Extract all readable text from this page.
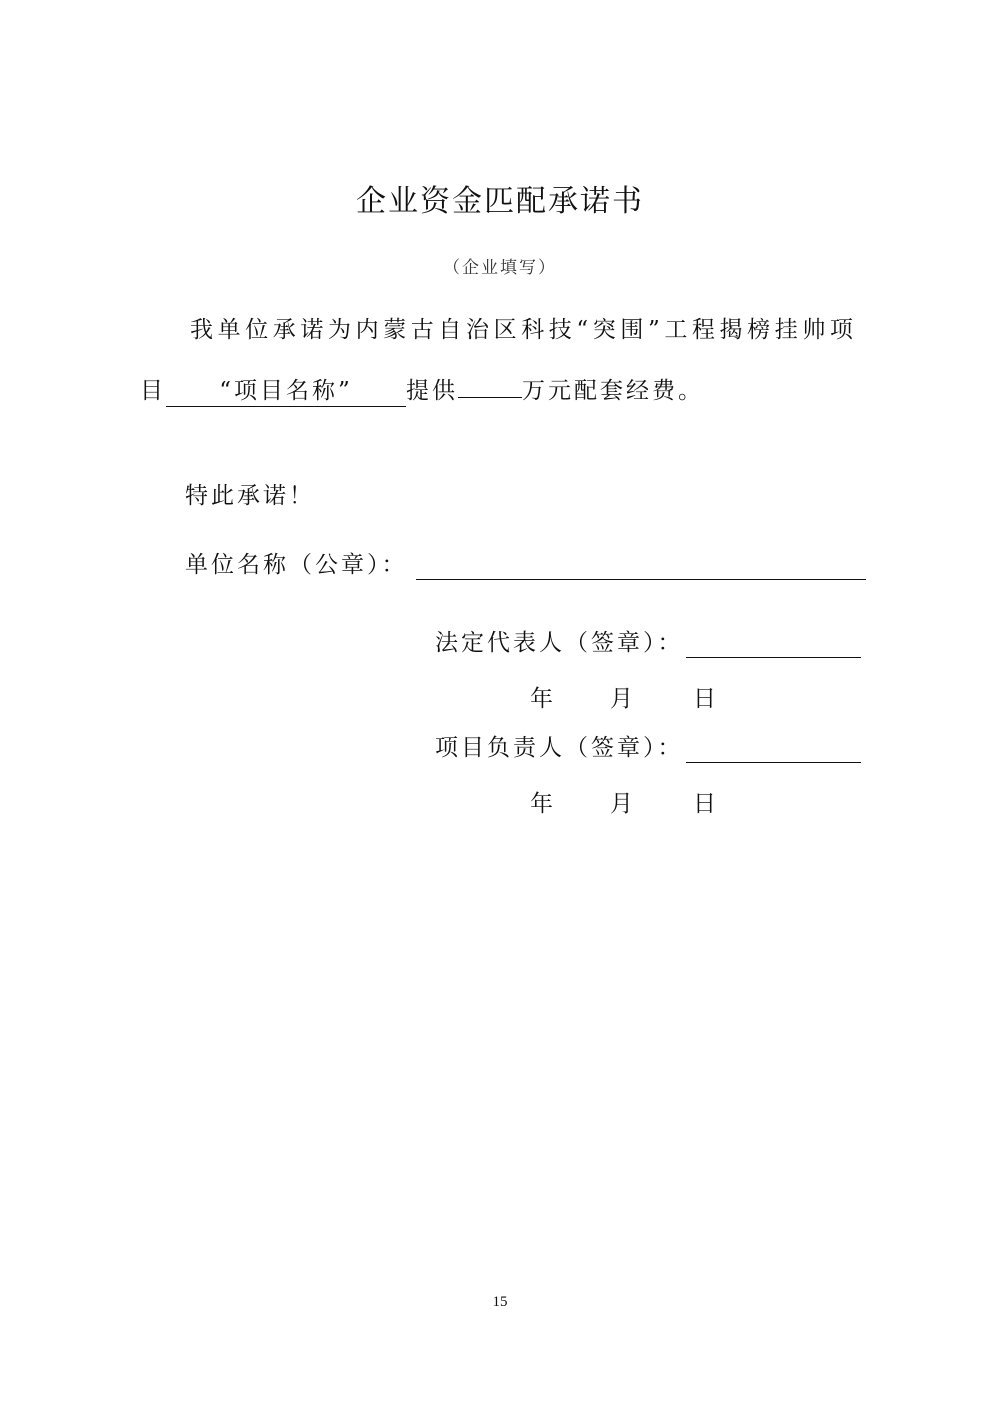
企业资金匹配承诺书
（企业填写）
我单位承诺为内蒙古自治区科技“突围”工程揭榜挂帅项
目	“项目名称”	提供	万元配套经费。
特此承诺！
单位名称（公章）：
法定代表人（签章）：
年 月	日
项目负责人（签章）：
年 月	日
15
